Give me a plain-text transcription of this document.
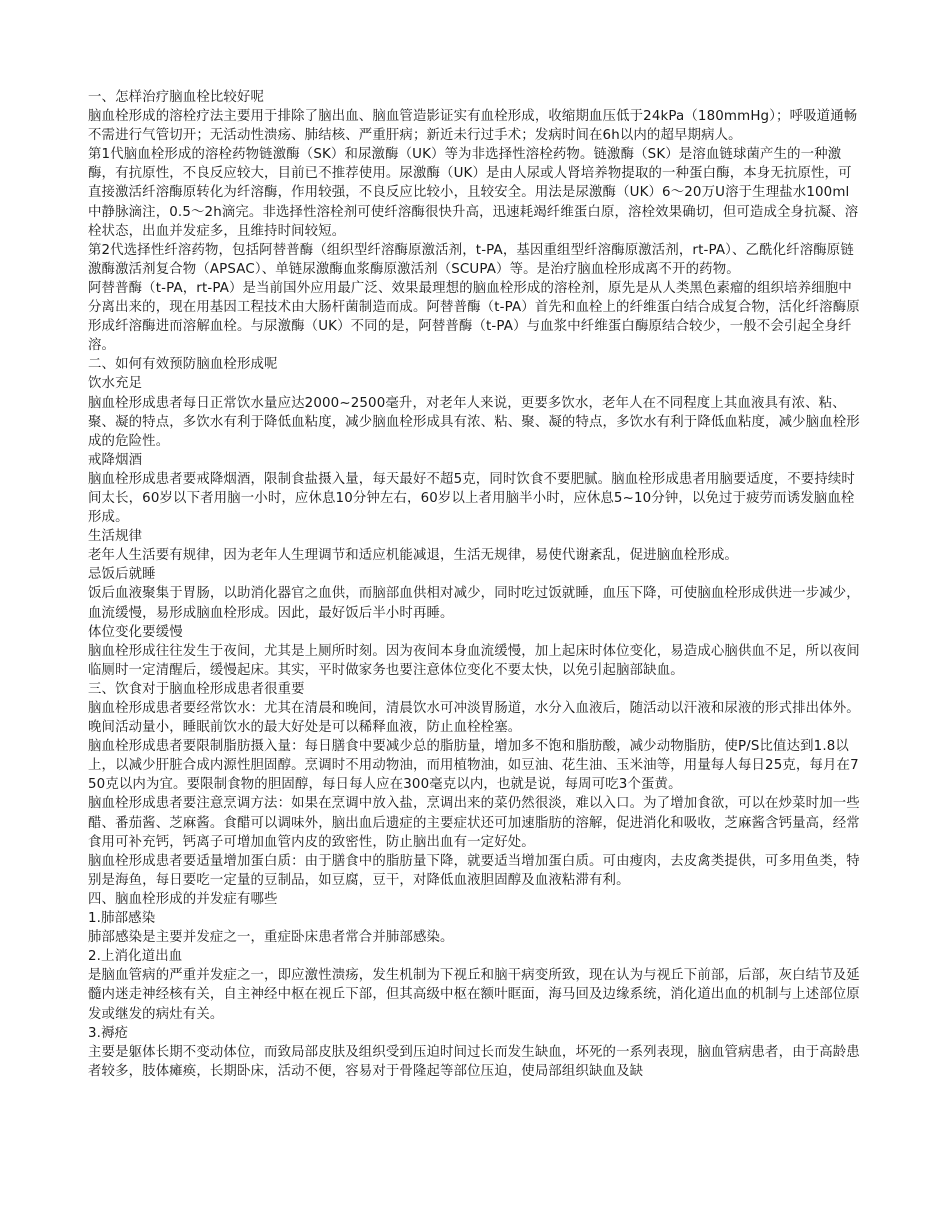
一、怎样治疗脑血栓比较好呢

脑血栓形成的溶栓疗法主要用于排除了脑出血、脑血管造影证实有血栓形成，收缩期血压低于24kPa（180mmHg）；呼吸道通畅不需进行气管切开；无活动性溃疡、肺结核、严重肝病；新近未行过手术；发病时间在6h以内的超早期病人。

第1代脑血栓形成的溶栓药物链激酶（SK）和尿激酶（UK）等为非选择性溶栓药物。链激酶（SK）是溶血链球菌产生的一种激酶，有抗原性，不良反应较大，目前已不推荐使用。尿激酶（UK）是由人尿或人肾培养物提取的一种蛋白酶，本身无抗原性，可直接激活纤溶酶原转化为纤溶酶，作用较强，不良反应比较小，且较安全。用法是尿激酶（UK）6～20万U溶于生理盐水100ml中静脉滴注，0.5～2h滴完。非选择性溶栓剂可使纤溶酶很快升高，迅速耗竭纤维蛋白原，溶栓效果确切，但可造成全身抗凝、溶栓状态，出血并发症多，且维持时间较短。

第2代选择性纤溶药物，包括阿替普酶（组织型纤溶酶原激活剂，t-PA，基因重组型纤溶酶原激活剂，rt-PA）、乙酰化纤溶酶原链激酶激活剂复合物（APSAC）、单链尿激酶血浆酶原激活剂（SCUPA）等。是治疗脑血栓形成离不开的药物。

阿替普酶（t-PA，rt-PA）是当前国外应用最广泛、效果最理想的脑血栓形成的溶栓剂，原先是从人类黑色素瘤的组织培养细胞中分离出来的，现在用基因工程技术由大肠杆菌制造而成。阿替普酶（t-PA）首先和血栓上的纤维蛋白结合成复合物，活化纤溶酶原形成纤溶酶进而溶解血栓。与尿激酶（UK）不同的是，阿替普酶（t-PA）与血浆中纤维蛋白酶原结合较少，一般不会引起全身纤溶。

二、如何有效预防脑血栓形成呢

饮水充足

脑血栓形成患者每日正常饮水量应达2000~2500毫升，对老年人来说，更要多饮水，老年人在不同程度上其血液具有浓、粘、聚、凝的特点，多饮水有利于降低血粘度，减少脑血栓形成具有浓、粘、聚、凝的特点，多饮水有利于降低血粘度，减少脑血栓形成的危险性。

戒降烟酒

脑血栓形成患者要戒降烟酒，限制食盐摄入量，每天最好不超5克，同时饮食不要肥腻。脑血栓形成患者用脑要适度，不要持续时间太长，60岁以下者用脑一小时，应休息10分钟左右，60岁以上者用脑半小时，应休息5~10分钟，以免过于疲劳而诱发脑血栓形成。

生活规律

老年人生活要有规律，因为老年人生理调节和适应机能减退，生活无规律，易使代谢紊乱，促进脑血栓形成。

忌饭后就睡

饭后血液聚集于胃肠，以助消化器官之血供，而脑部血供相对减少，同时吃过饭就睡，血压下降，可使脑血栓形成供进一步减少，血流缓慢，易形成脑血栓形成。因此，最好饭后半小时再睡。

体位变化要缓慢

脑血栓形成往往发生于夜间，尤其是上厕所时刻。因为夜间本身血流缓慢，加上起床时体位变化，易造成心脑供血不足，所以夜间临厕时一定清醒后，缓慢起床。其实，平时做家务也要注意体位变化不要太快，以免引起脑部缺血。

三、饮食对于脑血栓形成患者很重要

脑血栓形成患者要经常饮水：尤其在清晨和晚间，清晨饮水可冲淡胃肠道，水分入血液后，随活动以汗液和尿液的形式排出体外。晚间活动量小，睡眠前饮水的最大好处是可以稀释血液，防止血栓栓塞。

脑血栓形成患者要限制脂肪摄入量：每日膳食中要减少总的脂肪量，增加多不饱和脂肪酸，减少动物脂肪，使P/S比值达到1.8以上，以减少肝脏合成内源性胆固醇。烹调时不用动物油，而用植物油，如豆油、花生油、玉米油等，用量每人每日25克，每月在750克以内为宜。要限制食物的胆固醇，每日每人应在300毫克以内，也就是说，每周可吃3个蛋黄。

脑血栓形成患者要注意烹调方法：如果在烹调中放入盐，烹调出来的菜仍然很淡，难以入口。为了增加食欲，可以在炒菜时加一些醋、番茄酱、芝麻酱。食醋可以调味外，脑出血后遗症的主要症状还可加速脂肪的溶解，促进消化和吸收，芝麻酱含钙量高，经常食用可补充钙，钙离子可增加血管内皮的致密性，防止脑出血有一定好处。

脑血栓形成患者要适量增加蛋白质：由于膳食中的脂肪量下降，就要适当增加蛋白质。可由瘦肉，去皮禽类提供，可多用鱼类，特别是海鱼，每日要吃一定量的豆制品，如豆腐，豆干，对降低血液胆固醇及血液粘滞有利。

四、脑血栓形成的并发症有哪些

1.肺部感染

肺部感染是主要并发症之一，重症卧床患者常合并肺部感染。

2.上消化道出血

是脑血管病的严重并发症之一，即应激性溃疡，发生机制为下视丘和脑干病变所致，现在认为与视丘下前部，后部，灰白结节及延髓内迷走神经核有关，自主神经中枢在视丘下部，但其高级中枢在额叶眶面，海马回及边缘系统，消化道出血的机制与上述部位原发或继发的病灶有关。

3.褥疮

主要是躯体长期不变动体位，而致局部皮肤及组织受到压迫时间过长而发生缺血，坏死的一系列表现，脑血管病患者，由于高龄患者较多，肢体瘫痪，长期卧床，活动不便，容易对于骨隆起等部位压迫，使局部组织缺血及缺
